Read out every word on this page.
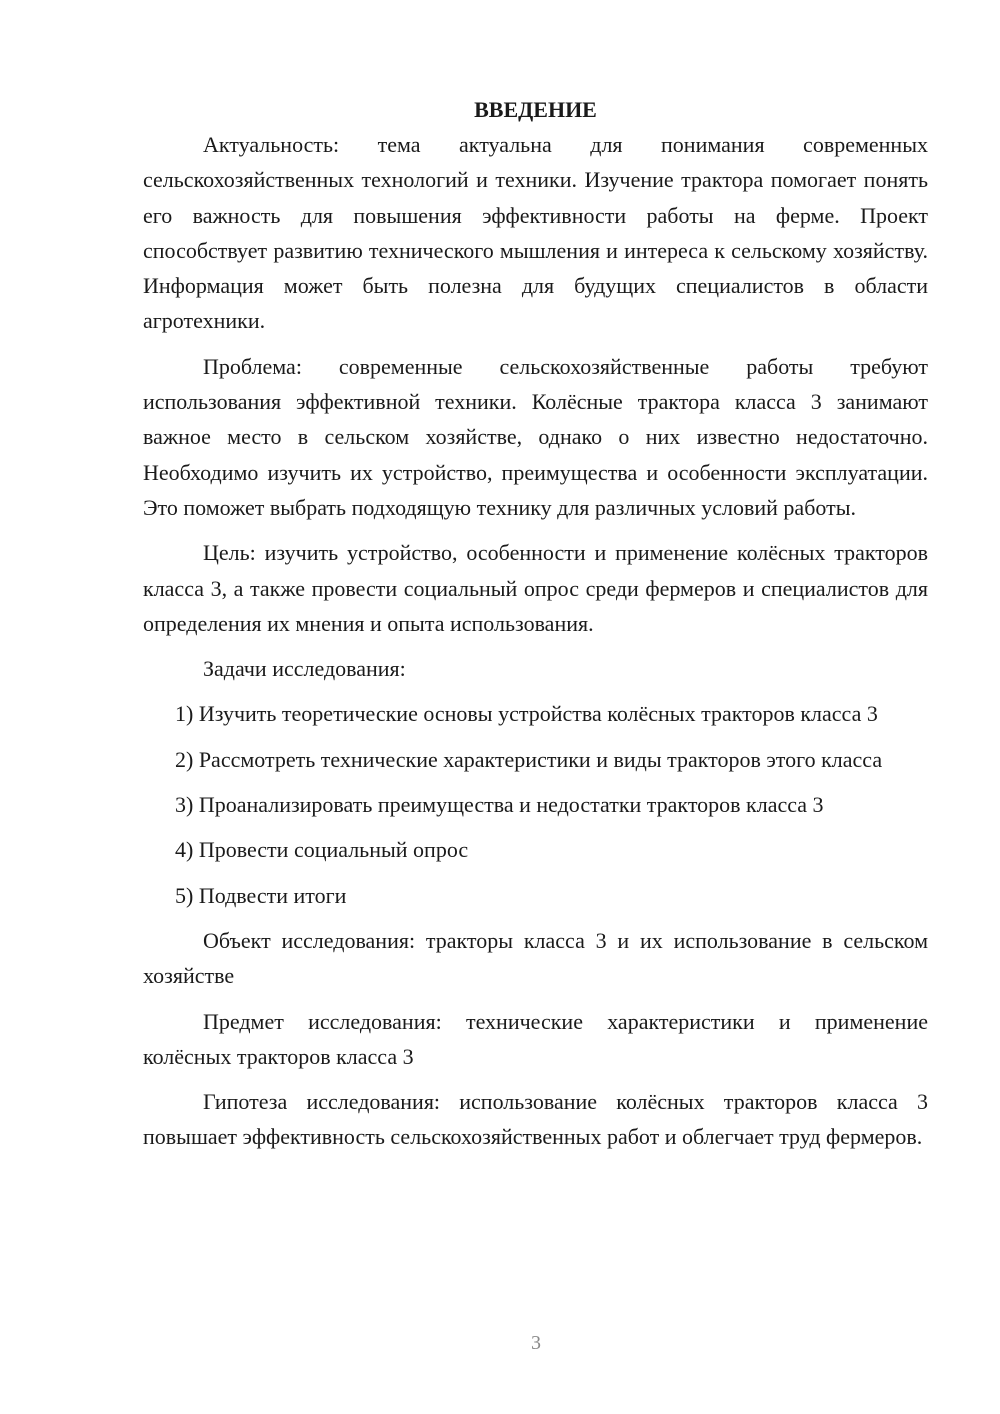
ВВЕДЕНИЕ

Актуальность: тема актуальна для понимания современных сельскохозяйственных технологий и техники. Изучение трактора помогает понять его важность для повышения эффективности работы на ферме. Проект способствует развитию технического мышления и интереса к сельскому хозяйству. Информация может быть полезна для будущих специалистов в области агротехники.

Проблема: современные сельскохозяйственные работы требуют использования эффективной техники. Колёсные трактора класса 3 занимают важное место в сельском хозяйстве, однако о них известно недостаточно. Необходимо изучить их устройство, преимущества и особенности эксплуатации. Это поможет выбрать подходящую технику для различных условий работы.

Цель: изучить устройство, особенности и применение колёсных тракторов класса 3, а также провести социальный опрос среди фермеров и специалистов для определения их мнения и опыта использования.

Задачи исследования:

1) Изучить теоретические основы устройства колёсных тракторов класса 3

2) Рассмотреть технические характеристики и виды тракторов этого класса

3) Проанализировать преимущества и недостатки тракторов класса 3

4) Провести социальный опрос

5) Подвести итоги

Объект исследования: тракторы класса 3 и их использование в сельском хозяйстве

Предмет исследования: технические характеристики и применение колёсных тракторов класса 3

Гипотеза исследования: использование колёсных тракторов класса 3 повышает эффективность сельскохозяйственных работ и облегчает труд фермеров.

3
